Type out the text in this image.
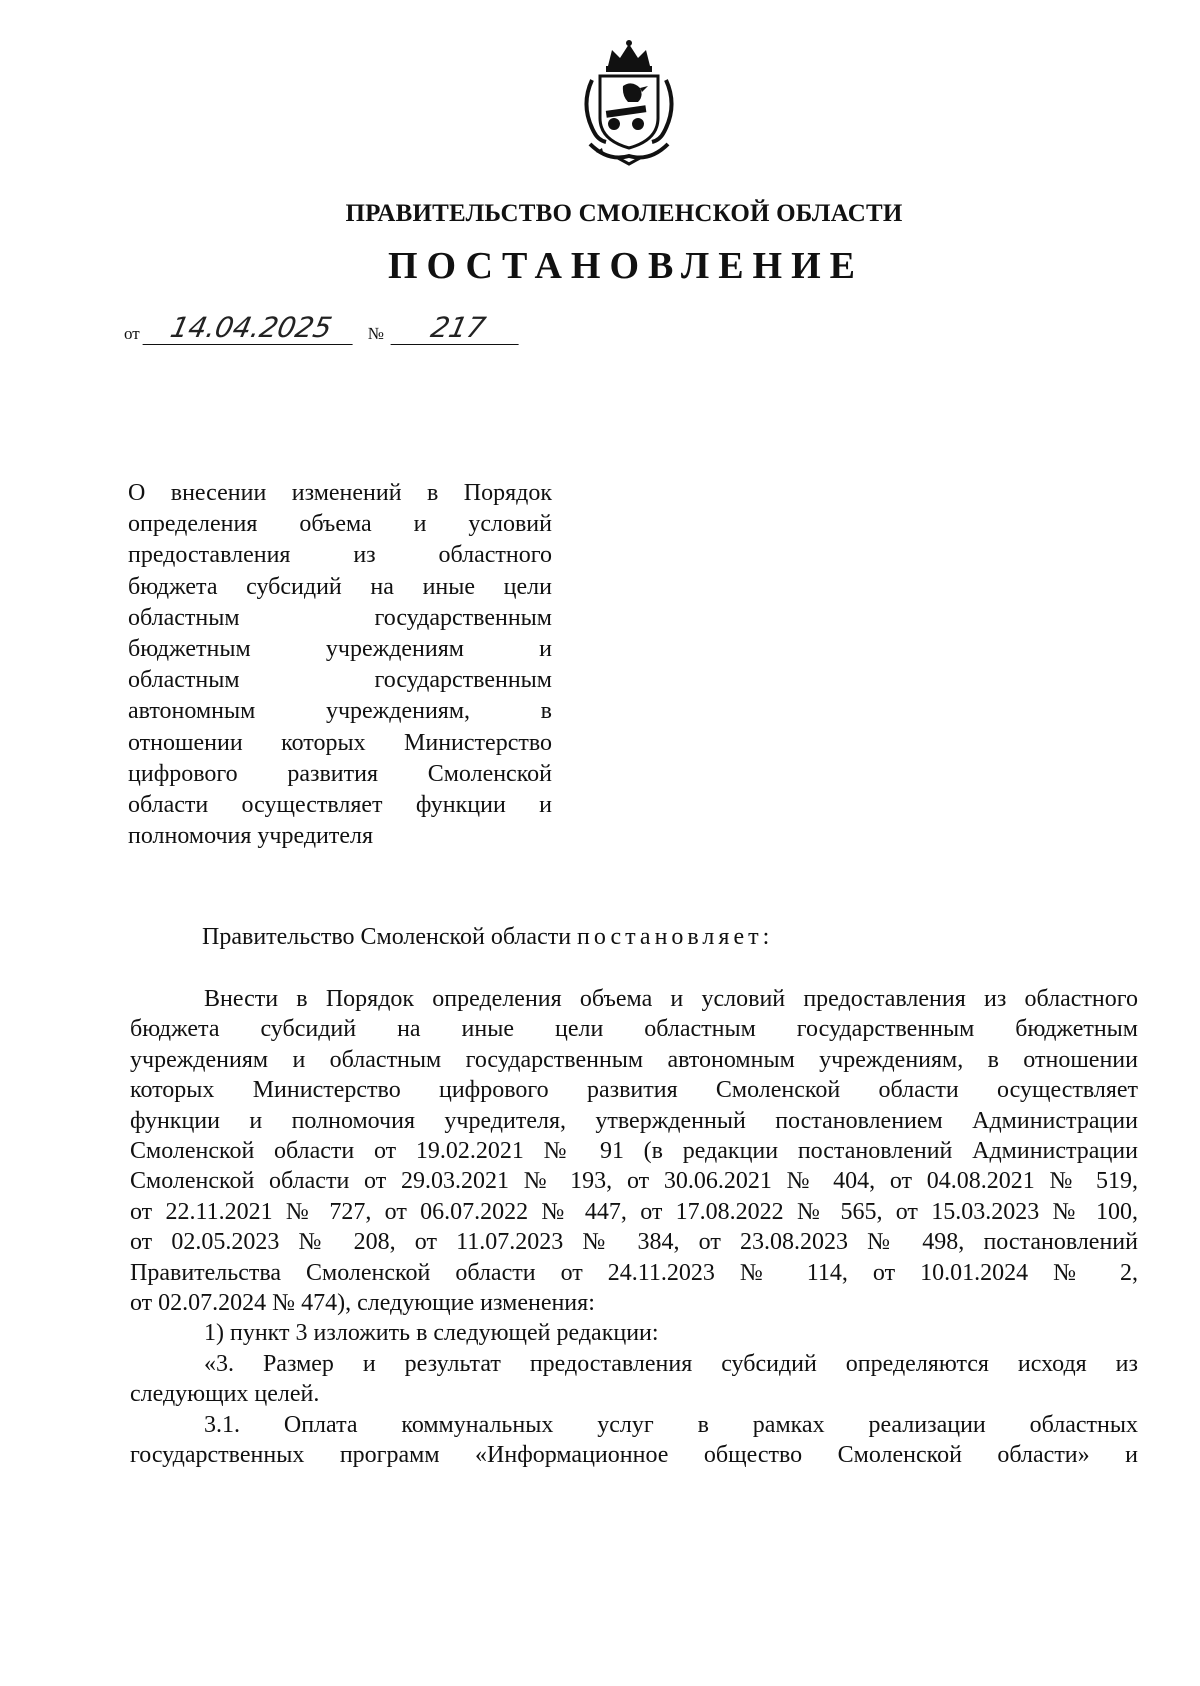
ПРАВИТЕЛЬСТВО СМОЛЕНСКОЙ ОБЛАСТИ
ПОСТАНОВЛЕНИЕ
от 14.04.2025	№	217
О внесении изменений в Порядок
определения объема и условий
предоставления из областного
бюджета субсидий на иные цели
областным государственным
бюджетным учреждениям и
областным государственным
автономным учреждениям, в
отношении которых Министерство
цифрового развития Смоленской
области осуществляет функции и
полномочия учредителя
Правительство Смоленской области постановляет:
Внести в Порядок определения объема и условий предоставления из областного
бюджета субсидий на иные цели областным государственным бюджетным
учреждениям и областным государственным автономным учреждениям, в отношении
которых Министерство цифрового развития Смоленской области осуществляет
функции и полномочия учредителя, утвержденный постановлением Администрации
Смоленской области от 19.02.2021 № 91 (в редакции постановлений Администрации
Смоленской области от 29.03.2021 № 193, от 30.06.2021 № 404, от 04.08.2021 № 519,
от 22.11.2021 № 727, от 06.07.2022 № 447, от 17.08.2022 № 565, от 15.03.2023 № 100,
от 02.05.2023 № 208, от 11.07.2023 № 384, от 23.08.2023 № 498, постановлений
Правительства Смоленской области от 24.11.2023 № 114, от 10.01.2024 № 2,
от 02.07.2024 № 474), следующие изменения:
1) пункт 3 изложить в следующей редакции:
«3. Размер и результат предоставления субсидий определяются исходя из
следующих целей.
3.1. Оплата коммунальных услуг в рамках реализации областных
государственных программ «Информационное общество Смоленской области» и
